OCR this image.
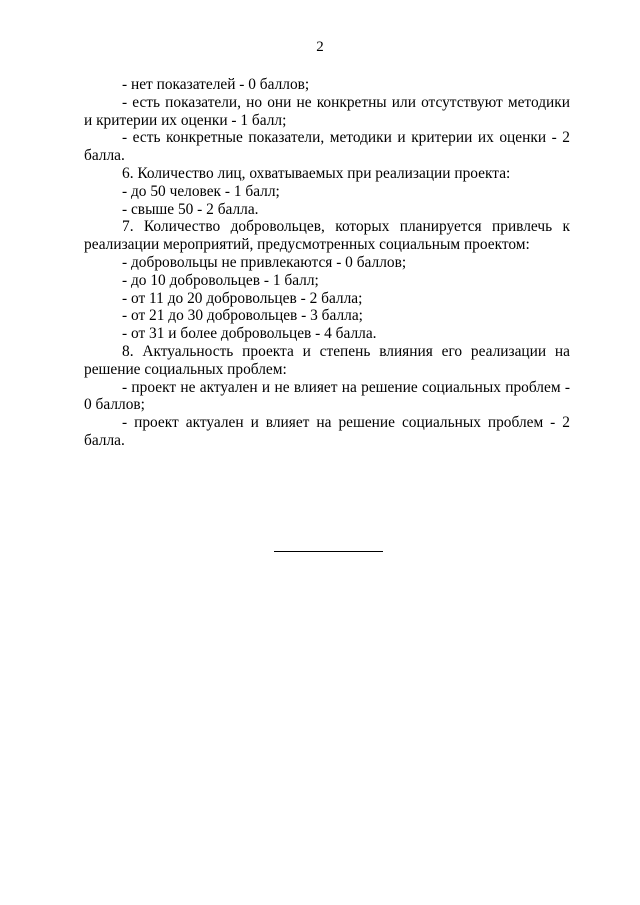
2

- нет показателей - 0 баллов;

- есть показатели, но они не конкретны или отсутствуют методики и критерии их оценки - 1 балл;

- есть конкретные показатели, методики и критерии их оценки - 2 балла.

6. Количество лиц, охватываемых при реализации проекта:

- до 50 человек - 1 балл;

- свыше 50 - 2 балла.

7. Количество добровольцев, которых планируется привлечь к реализации мероприятий, предусмотренных социальным проектом:

- добровольцы не привлекаются - 0 баллов;

- до 10 добровольцев - 1 балл;

- от 11 до 20 добровольцев - 2 балла;

- от 21 до 30 добровольцев - 3 балла;

- от 31 и более добровольцев - 4 балла.

8. Актуальность проекта и степень влияния его реализации на решение социальных проблем:

- проект не актуален и не влияет на решение социальных проблем - 0 баллов;

- проект актуален и влияет на решение социальных проблем - 2 балла.
